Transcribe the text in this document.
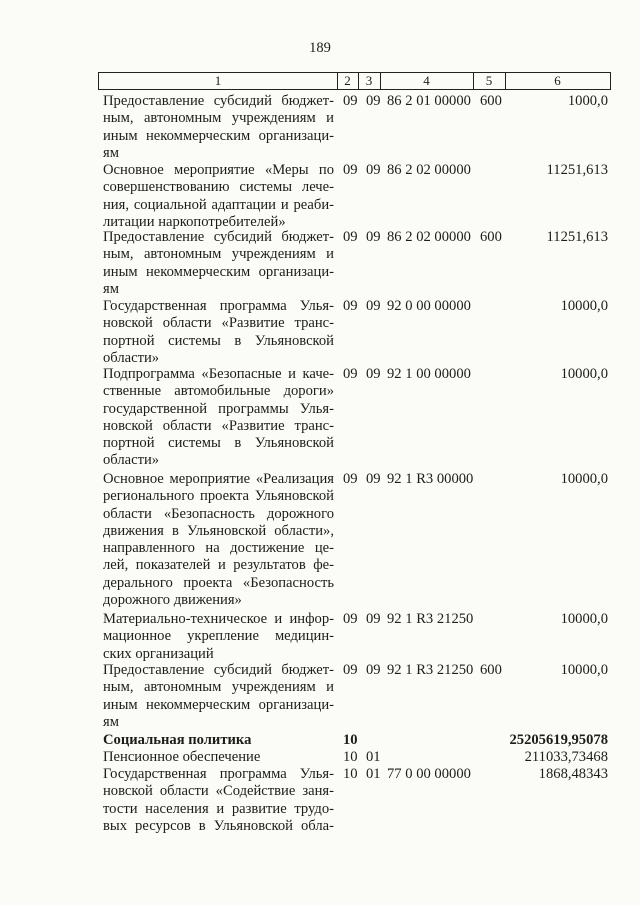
189
1	2	3	4	5	6
Предоставление субсидий бюджет-
ным, автономным учреждениям и
иным некоммерческим организаци-
ям
09 09 86 2 01 00000 600	1000,0
Основное мероприятие «Меры по
совершенствованию системы лече-
ния, социальной адаптации и реаби-
литации наркопотребителей»
09 09 86 2 02 00000	11251,613
Предоставление субсидий бюджет-
ным, автономным учреждениям и
иным некоммерческим организаци-
ям
09 09 86 2 02 00000 600	11251,613
Государственная программа Улья-
новской области «Развитие транс-
портной системы в Ульяновской
области»
09 09 92 0 00 00000	10000,0
Подпрограмма «Безопасные и каче-
ственные автомобильные дороги»
государственной программы Улья-
новской области «Развитие транс-
портной системы в Ульяновской
области»
09 09 92 1 00 00000	10000,0
Основное мероприятие «Реализация
регионального проекта Ульяновской
области «Безопасность дорожного
движения в Ульяновской области»,
направленного на достижение це-
лей, показателей и результатов фе-
дерального проекта «Безопасность
дорожного движения»
09 09 92 1 R3 00000	10000,0
Материально-техническое и инфор-
мационное укрепление медицин-
ских организаций
09 09 92 1 R3 21250	10000,0
Предоставление субсидий бюджет-
ным, автономным учреждениям и
иным некоммерческим организаци-
ям
09 09 92 1 R3 21250 600	10000,0
Социальная политика	10	25205619,95078
Пенсионное обеспечение	10 01	211033,73468
Государственная программа Улья-
новской области «Содействие заня-
тости населения и развитие трудо-
вых ресурсов в Ульяновской обла-
10 01 77 0 00 00000	1868,48343
